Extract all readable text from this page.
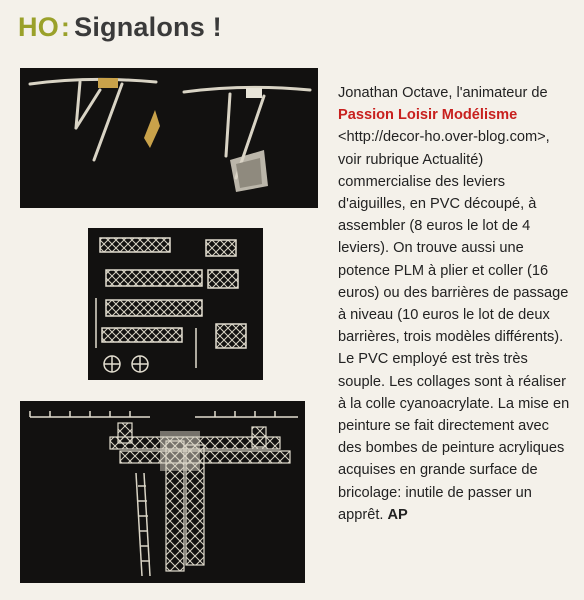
HO: Signalons !

Jonathan Octave, l'animateur de Passion Loisir Modélisme <http://decor-ho.over-blog.com>, voir rubrique Actualité) commercialise des leviers d'aiguilles, en PVC découpé, à assembler (8 euros le lot de 4 leviers). On trouve aussi une potence PLM à plier et coller (16 euros) ou des barrières de passage à niveau (10 euros le lot de deux barrières, trois modèles différents). Le PVC employé est très très souple. Les collages sont à réaliser à la colle cyanoacrylate. La mise en peinture se fait directement avec des bombes de peinture acryliques acquises en grande surface de bricolage: inutile de passer un apprêt. AP
